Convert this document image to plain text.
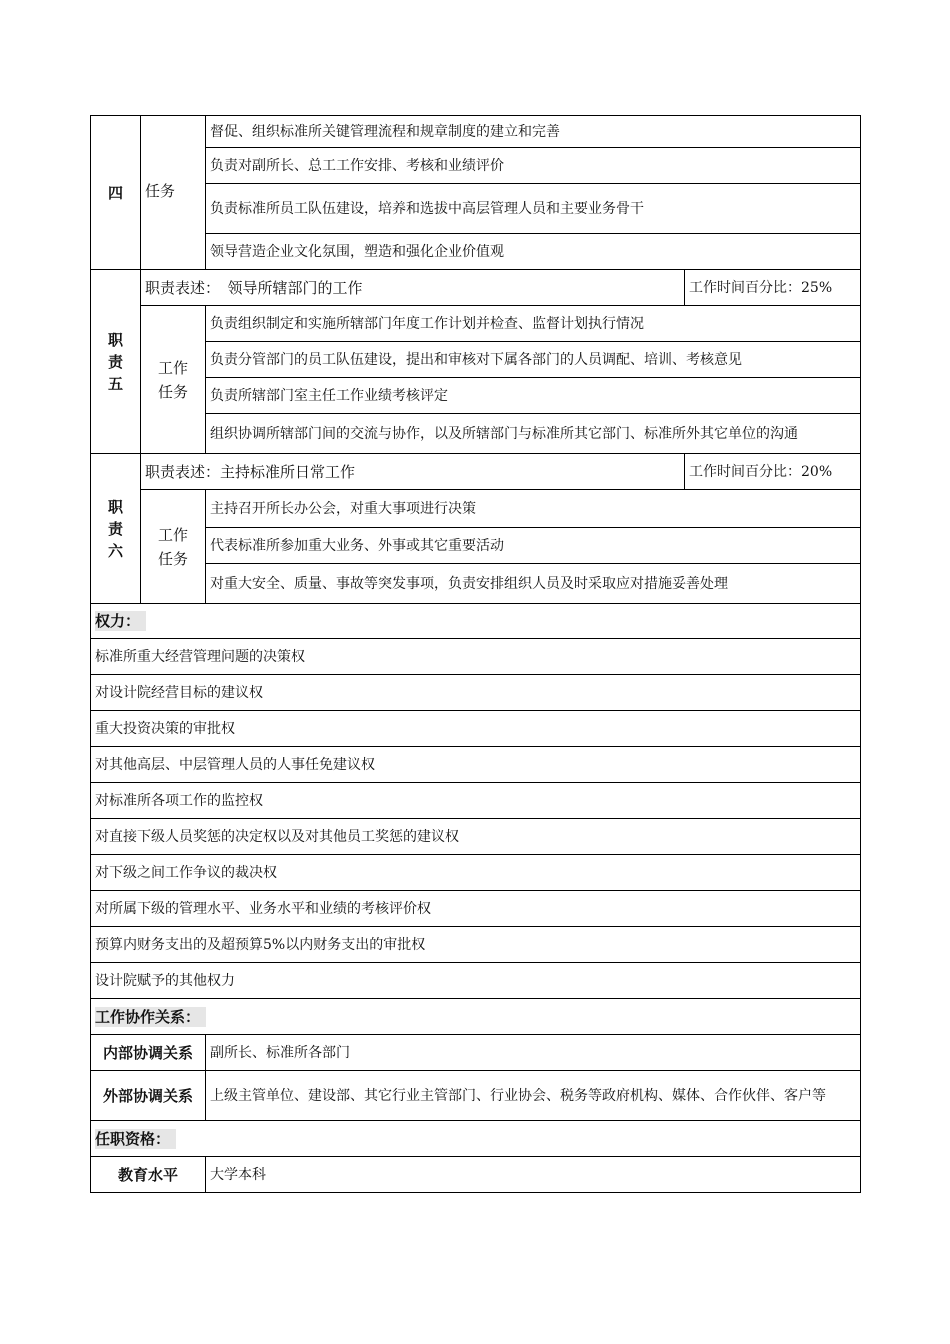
四	任务	督促、组织标准所关键管理流程和规章制度的建立和完善	
		负责对副所长、总工工作安排、考核和业绩评价	
		负责标准所员工队伍建设，培养和选拔中高层管理人员和主要业务骨干	
		领导营造企业文化氛围，塑造和强化企业价值观	

职
责
五	职责表述：　领导所辖部门的工作		工作时间百分比：25%

	工作
任务	负责组织制定和实施所辖部门年度工作计划并检查、监督计划执行情况	
		负责分管部门的员工队伍建设，提出和审核对下属各部门的人员调配、培训、考核意见	
		负责所辖部门室主任工作业绩考核评定	
		组织协调所辖部门间的交流与协作，以及所辖部门与标准所其它部门、标准所外其它单位的沟通	

职
责
六	职责表述：主持标准所日常工作		工作时间百分比：20%

	工作
任务	主持召开所长办公会，对重大事项进行决策	
		代表标准所参加重大业务、外事或其它重要活动	
		对重大安全、质量、事故等突发事项，负责安排组织人员及时采取应对措施妥善处理	
权力：			
标准所重大经营管理问题的决策权			
对设计院经营目标的建议权			
重大投资决策的审批权			
对其他高层、中层管理人员的人事任免建议权			
对标准所各项工作的监控权			
对直接下级人员奖惩的决定权以及对其他员工奖惩的建议权			
对下级之间工作争议的裁决权			
对所属下级的管理水平、业务水平和业绩的考核评价权			
预算内财务支出的及超预算5%以内财务支出的审批权			
设计院赋予的其他权力			
工作协作关系：			
内部协调关系		副所长、标准所各部门	
外部协调关系		上级主管单位、建设部、其它行业主管部门、行业协会、税务等政府机构、媒体、合作伙伴、客户等	
任职资格：			
教育水平		大学本科	
